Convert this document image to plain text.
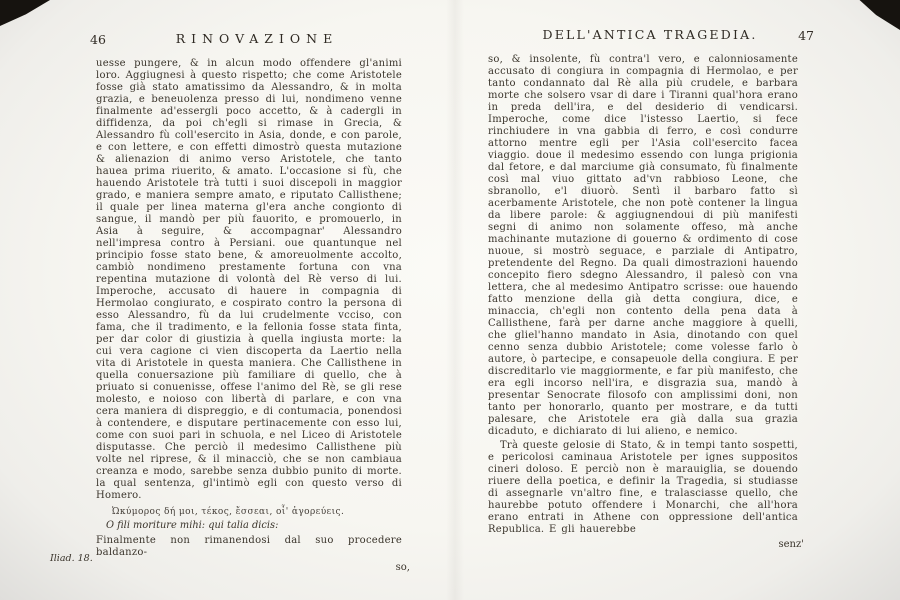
46	RINOVAZIONE
uesse pungere, & in alcun modo offendere gl'animi loro. Aggiugnesi à questo rispetto; che come Aristotele fosse già stato amatissimo da Alessandro, & in molta grazia, e beneuolenza presso di lui, nondimeno venne finalmente ad'essergli poco accetto, & à cadergli in diffidenza, da poi ch'egli si rimase in Grecia, & Alessandro fù coll'esercito in Asia, donde, e con parole, e con lettere, e con effetti dimostrò questa mutazione & alienazion di animo verso Aristotele, che tanto hauea prima riuerito, & amato. L'occasione si fù, che hauendo Aristotele trà tutti i suoi discepoli in maggior grado, e maniera sempre amato, e riputato Callisthene; il quale per linea materna gl'era anche congionto di sangue, il mandò per più fauorito, e promouerlo, in Asia à seguire, & accompagnar' Alessandro nell'impresa contro à Persiani. oue quantunque nel principio fosse stato bene, & amoreuolmente accolto, cambiò nondimeno prestamente fortuna con vna repentina mutazione di volontà del Rè verso di lui. Imperoche, accusato di hauere in compagnia di Hermolao congiurato, e cospirato contro la persona di esso Alessandro, fù da lui crudelmente vcciso, con fama, che il tradimento, e la fellonia fosse stata finta, per dar color di giustizia à quella ingiusta morte: la cui vera cagione ci vien discoperta da Laertio nella vita di Aristotele in questa maniera. Che Callisthene in quella conuersazione più familiare di quello, che à priuato si conuenisse, offese l'animo del Rè, se gli rese molesto, e noioso con libertà di parlare, e con vna cera maniera di dispreggio, e di contumacia, ponendosi à contendere, e disputare pertinacemente con esso lui, come con suoi pari in schuola, e nel Liceo di Aristotele disputasse. Che perciò il medesimo Callisthene più volte nel riprese, & il minacciò, che se non cambiaua creanza e modo, sarebbe senza dubbio punito di morte. la qual sentenza, gl'intimò egli con questo verso di Homero.
Ὠκύμορος δή μοι, τέκος, ἔσσεαι, οἷ' ἀγορεύεις.
O fili moriture mihi: qui talia dicis:
Finalmente non rimanendosi dal suo procedere baldanzo-
so,
Iliad. 18.
DELL'ANTICA TRAGEDIA.	47
so, & insolente, fù contra'l vero, e calonniosamente accusato di congiura in compagnia di Hermolao, e per tanto condannato dal Rè alla più crudele, e barbara morte che solsero vsar di dare i Tiranni qual'hora erano in preda dell'ira, e del desiderio di vendicarsi. Imperoche, come dice l'istesso Laertio, si fece rinchiudere in vna gabbia di ferro, e così condurre attorno mentre egli per l'Asia coll'esercito facea viaggio. doue il medesimo essendo con lunga prigionia dal fetore, e dal marciume già consumato, fù finalmente così mal viuo gittato ad'vn rabbioso Leone, che sbranollo, e'l diuorò. Sentì il barbaro fatto sì acerbamente Aristotele, che non potè contener la lingua da libere parole: & aggiugnendoui di più manifesti segni di animo non solamente offeso, mà anche machinante mutazione di gouerno & ordimento di cose nuoue, si mostrò seguace, e parziale di Antipatro, pretendente del Regno. Da quali dimostrazioni hauendo concepito fiero sdegno Alessandro, il palesò con vna lettera, che al medesimo Antipatro scrisse: oue hauendo fatto menzione della già detta congiura, dice, e minaccia, ch'egli non contento della pena data à Callisthene, farà per darne anche maggiore à quelli, che gliel'hanno mandato in Asia, dinotando con quel cenno senza dubbio Aristotele; come volesse farlo ò autore, ò partecipe, e consapeuole della congiura. E per discreditarlo vie maggiormente, e far più manifesto, che era egli incorso nell'ira, e disgrazia sua, mandò à presentar Senocrate filosofo con amplissimi doni, non tanto per honorarlo, quanto per mostrare, e da tutti palesare, che Aristotele era già dalla sua grazia dicaduto, e dichiarato di lui alieno, e nemico.
Trà queste gelosie di Stato, & in tempi tanto sospetti, e pericolosi caminaua Aristotele per ignes suppositos cineri doloso. E perciò non è marauiglia, se douendo riuere della poetica, e definir la Tragedia, si studiasse di assegnarle vn'altro fine, e tralasciasse quello, che haurebbe potuto offendere i Monarchi, che all'hora erano entrati in Athene con oppressione dell'antica Republica. E gli hauerebbe
senz'
